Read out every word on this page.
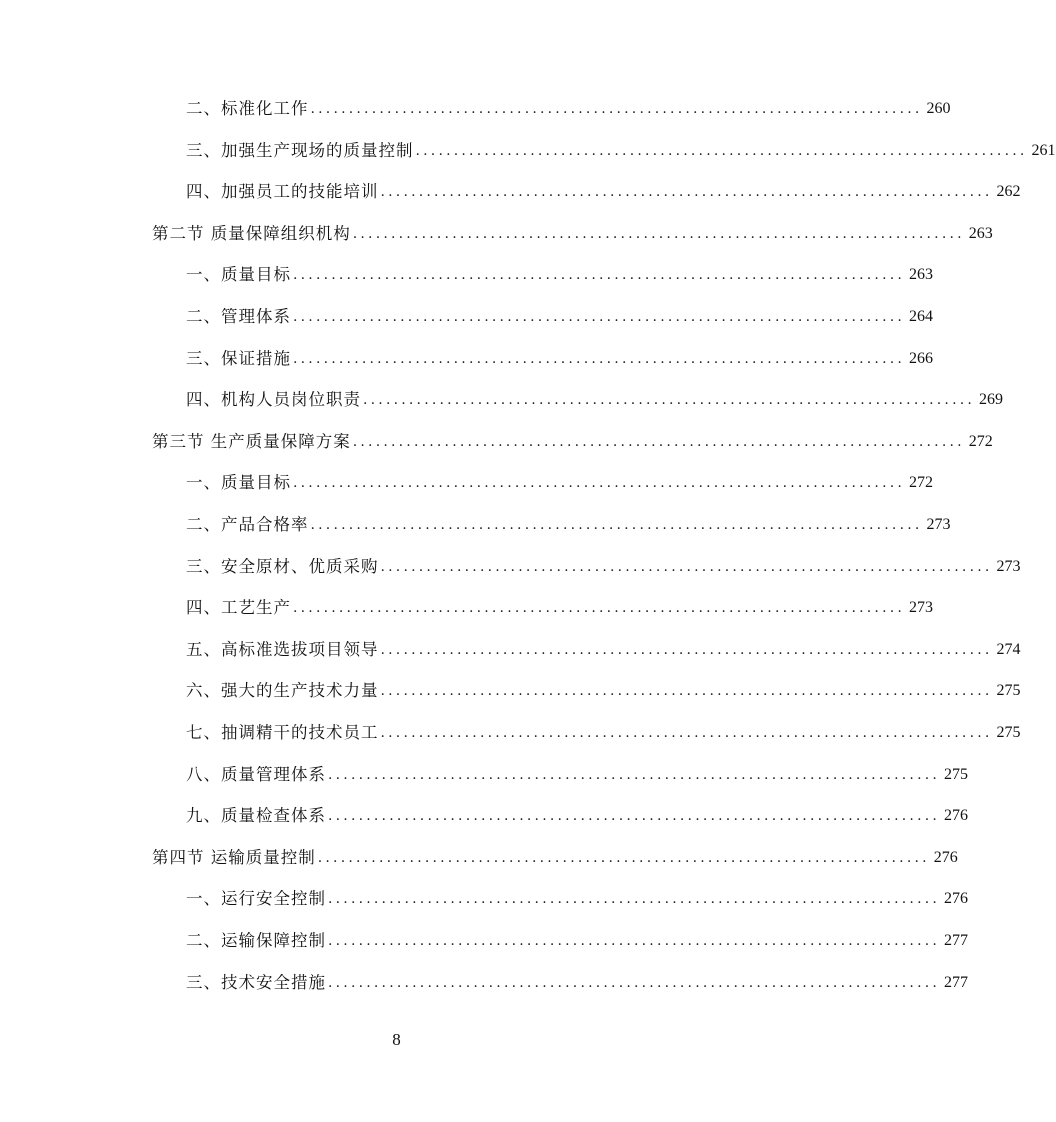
二、标准化工作 ................................................................................ 260
三、加强生产现场的质量控制 ................................................................................ 261
四、加强员工的技能培训 ................................................................................ 262
第二节 质量保障组织机构 ................................................................................ 263
一、质量目标 ................................................................................ 263
二、管理体系 ................................................................................ 264
三、保证措施 ................................................................................ 266
四、机构人员岗位职责 ................................................................................ 269
第三节 生产质量保障方案 ................................................................................ 272
一、质量目标 ................................................................................ 272
二、产品合格率 ................................................................................ 273
三、安全原材、优质采购 ................................................................................ 273
四、工艺生产 ................................................................................ 273
五、高标准选拔项目领导 ................................................................................ 274
六、强大的生产技术力量 ................................................................................ 275
七、抽调精干的技术员工 ................................................................................ 275
八、质量管理体系 ................................................................................ 275
九、质量检查体系 ................................................................................ 276
第四节 运输质量控制 ................................................................................ 276
一、运行安全控制 ................................................................................ 276
二、运输保障控制 ................................................................................ 277
三、技术安全措施 ................................................................................ 277
8
